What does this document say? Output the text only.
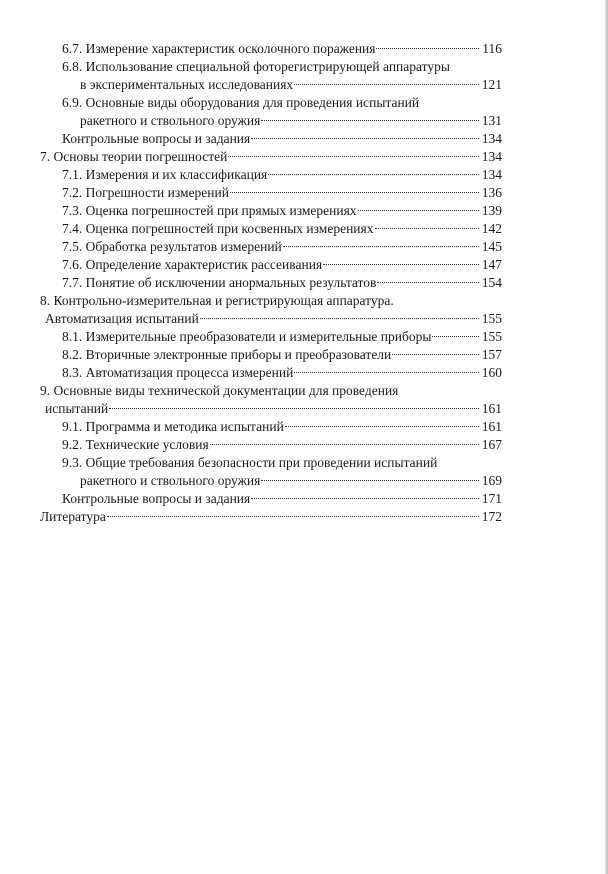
6.7. Измерение характеристик осколочного поражения	116
6.8. Использование специальной фоторегистрирующей аппаратуры
в экспериментальных исследованиях	121
6.9. Основные виды оборудования для проведения испытаний
ракетного и ствольного оружия	131
Контрольные вопросы и задания	134
7. Основы теории погрешностей	134
7.1. Измерения и их классификация	134
7.2. Погрешности измерений	136
7.3. Оценка погрешностей при прямых измерениях	139
7.4. Оценка погрешностей при косвенных измерениях	142
7.5. Обработка результатов измерений	145
7.6. Определение характеристик рассеивания	147
7.7. Понятие об исключении анормальных результатов	154
8. Контрольно-измерительная и регистрирующая аппаратура.
Автоматизация испытаний	155
8.1. Измерительные преобразователи и измерительные приборы	155
8.2. Вторичные электронные приборы и преобразователи	157
8.3. Автоматизация процесса измерений	160
9. Основные виды технической документации для проведения
испытаний	161
9.1. Программа и методика испытаний	161
9.2. Технические условия	167
9.3. Общие требования безопасности при проведении испытаний
ракетного и ствольного оружия	169
Контрольные вопросы и задания	171
Литература	172
